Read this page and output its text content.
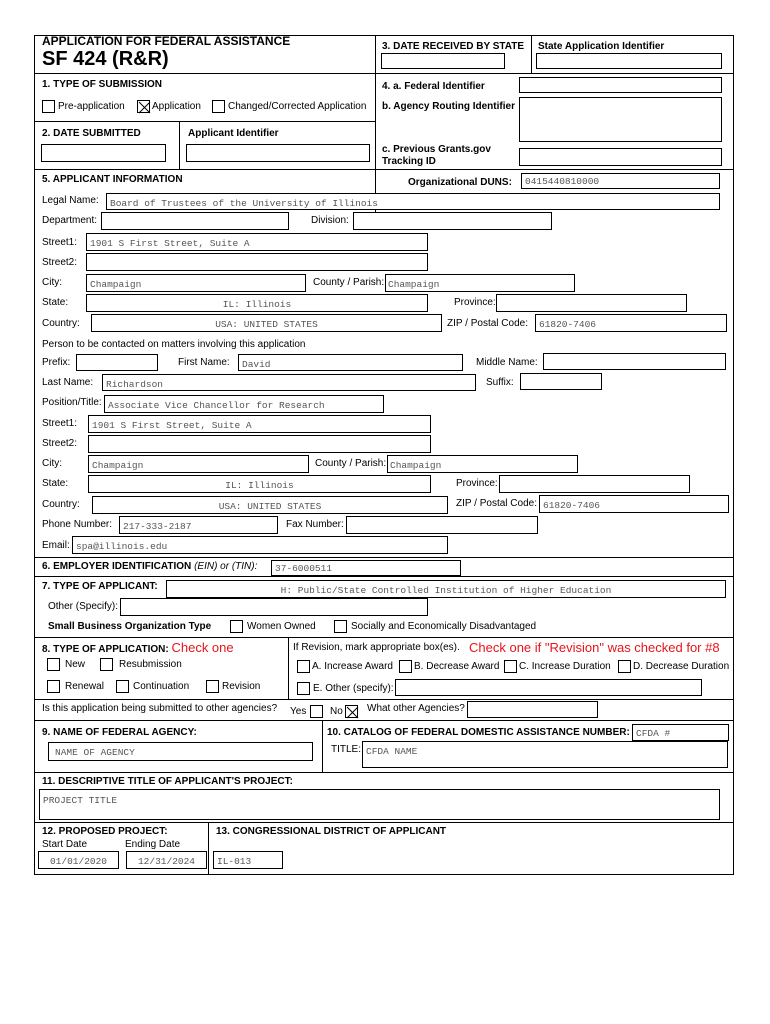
APPLICATION FOR FEDERAL ASSISTANCE
SF 424 (R&R)
3. DATE RECEIVED BY STATE State Application Identifier
1. TYPE OF SUBMISSION
Pre-application	Application	Changed/Corrected Application
4. a. Federal Identifier
b. Agency Routing Identifier
c. Previous Grants.gov
Tracking ID
2. DATE SUBMITTED	Applicant Identifier
5. APPLICANT INFORMATION	Organizational DUNS:	0415440810000
Legal Name:	Board of Trustees of the University of Illinois
Department:	Division:
Street1:	1901 S First Street, Suite A
Street2:
City:	Champaign	County / Parish: Champaign
State:	IL: Illinois	Province:
Country:	USA: UNITED STATES	ZIP / Postal Code:	61820-7406
Person to be contacted on matters involving this application
Prefix:	First Name:	David	Middle Name:
Last Name:	Richardson	Suffix:
Position/Title: Associate Vice Chancellor for Research
Street1:	1901 S First Street, Suite A
Street2:
City:	Champaign	County / Parish: Champaign
State:	IL: Illinois	Province:
Country:	USA: UNITED STATES	ZIP / Postal Code: 61820-7406
Phone Number:	217-333-2187	Fax Number:
Email: spa@illinois.edu
6. EMPLOYER IDENTIFICATION (EIN) or (TIN):	37-6000511
7. TYPE OF APPLICANT:	H: Public/State Controlled Institution of Higher Education
Other (Specify):
Small Business Organization Type	Women Owned	Socially and Economically Disadvantaged
8. TYPE OF APPLICATION: Check one	If Revision, mark appropriate box(es). Check one if "Revision" was checked for #8
New	Resubmission
Renewal	Continuation	Revision
A. Increase Award B. Decrease Award C. Increase Duration D. Decrease Duration
E. Other (specify):
Is this application being submitted to other agencies? Yes No What other Agencies?
9. NAME OF FEDERAL AGENCY:
NAME OF AGENCY
10. CATALOG OF FEDERAL DOMESTIC ASSISTANCE NUMBER: CFDA #
TITLE: CFDA NAME
11. DESCRIPTIVE TITLE OF APPLICANT'S PROJECT:
PROJECT TITLE
12. PROPOSED PROJECT:
Start Date	Ending Date
01/01/2020	12/31/2024
13. CONGRESSIONAL DISTRICT OF APPLICANT
IL-013
